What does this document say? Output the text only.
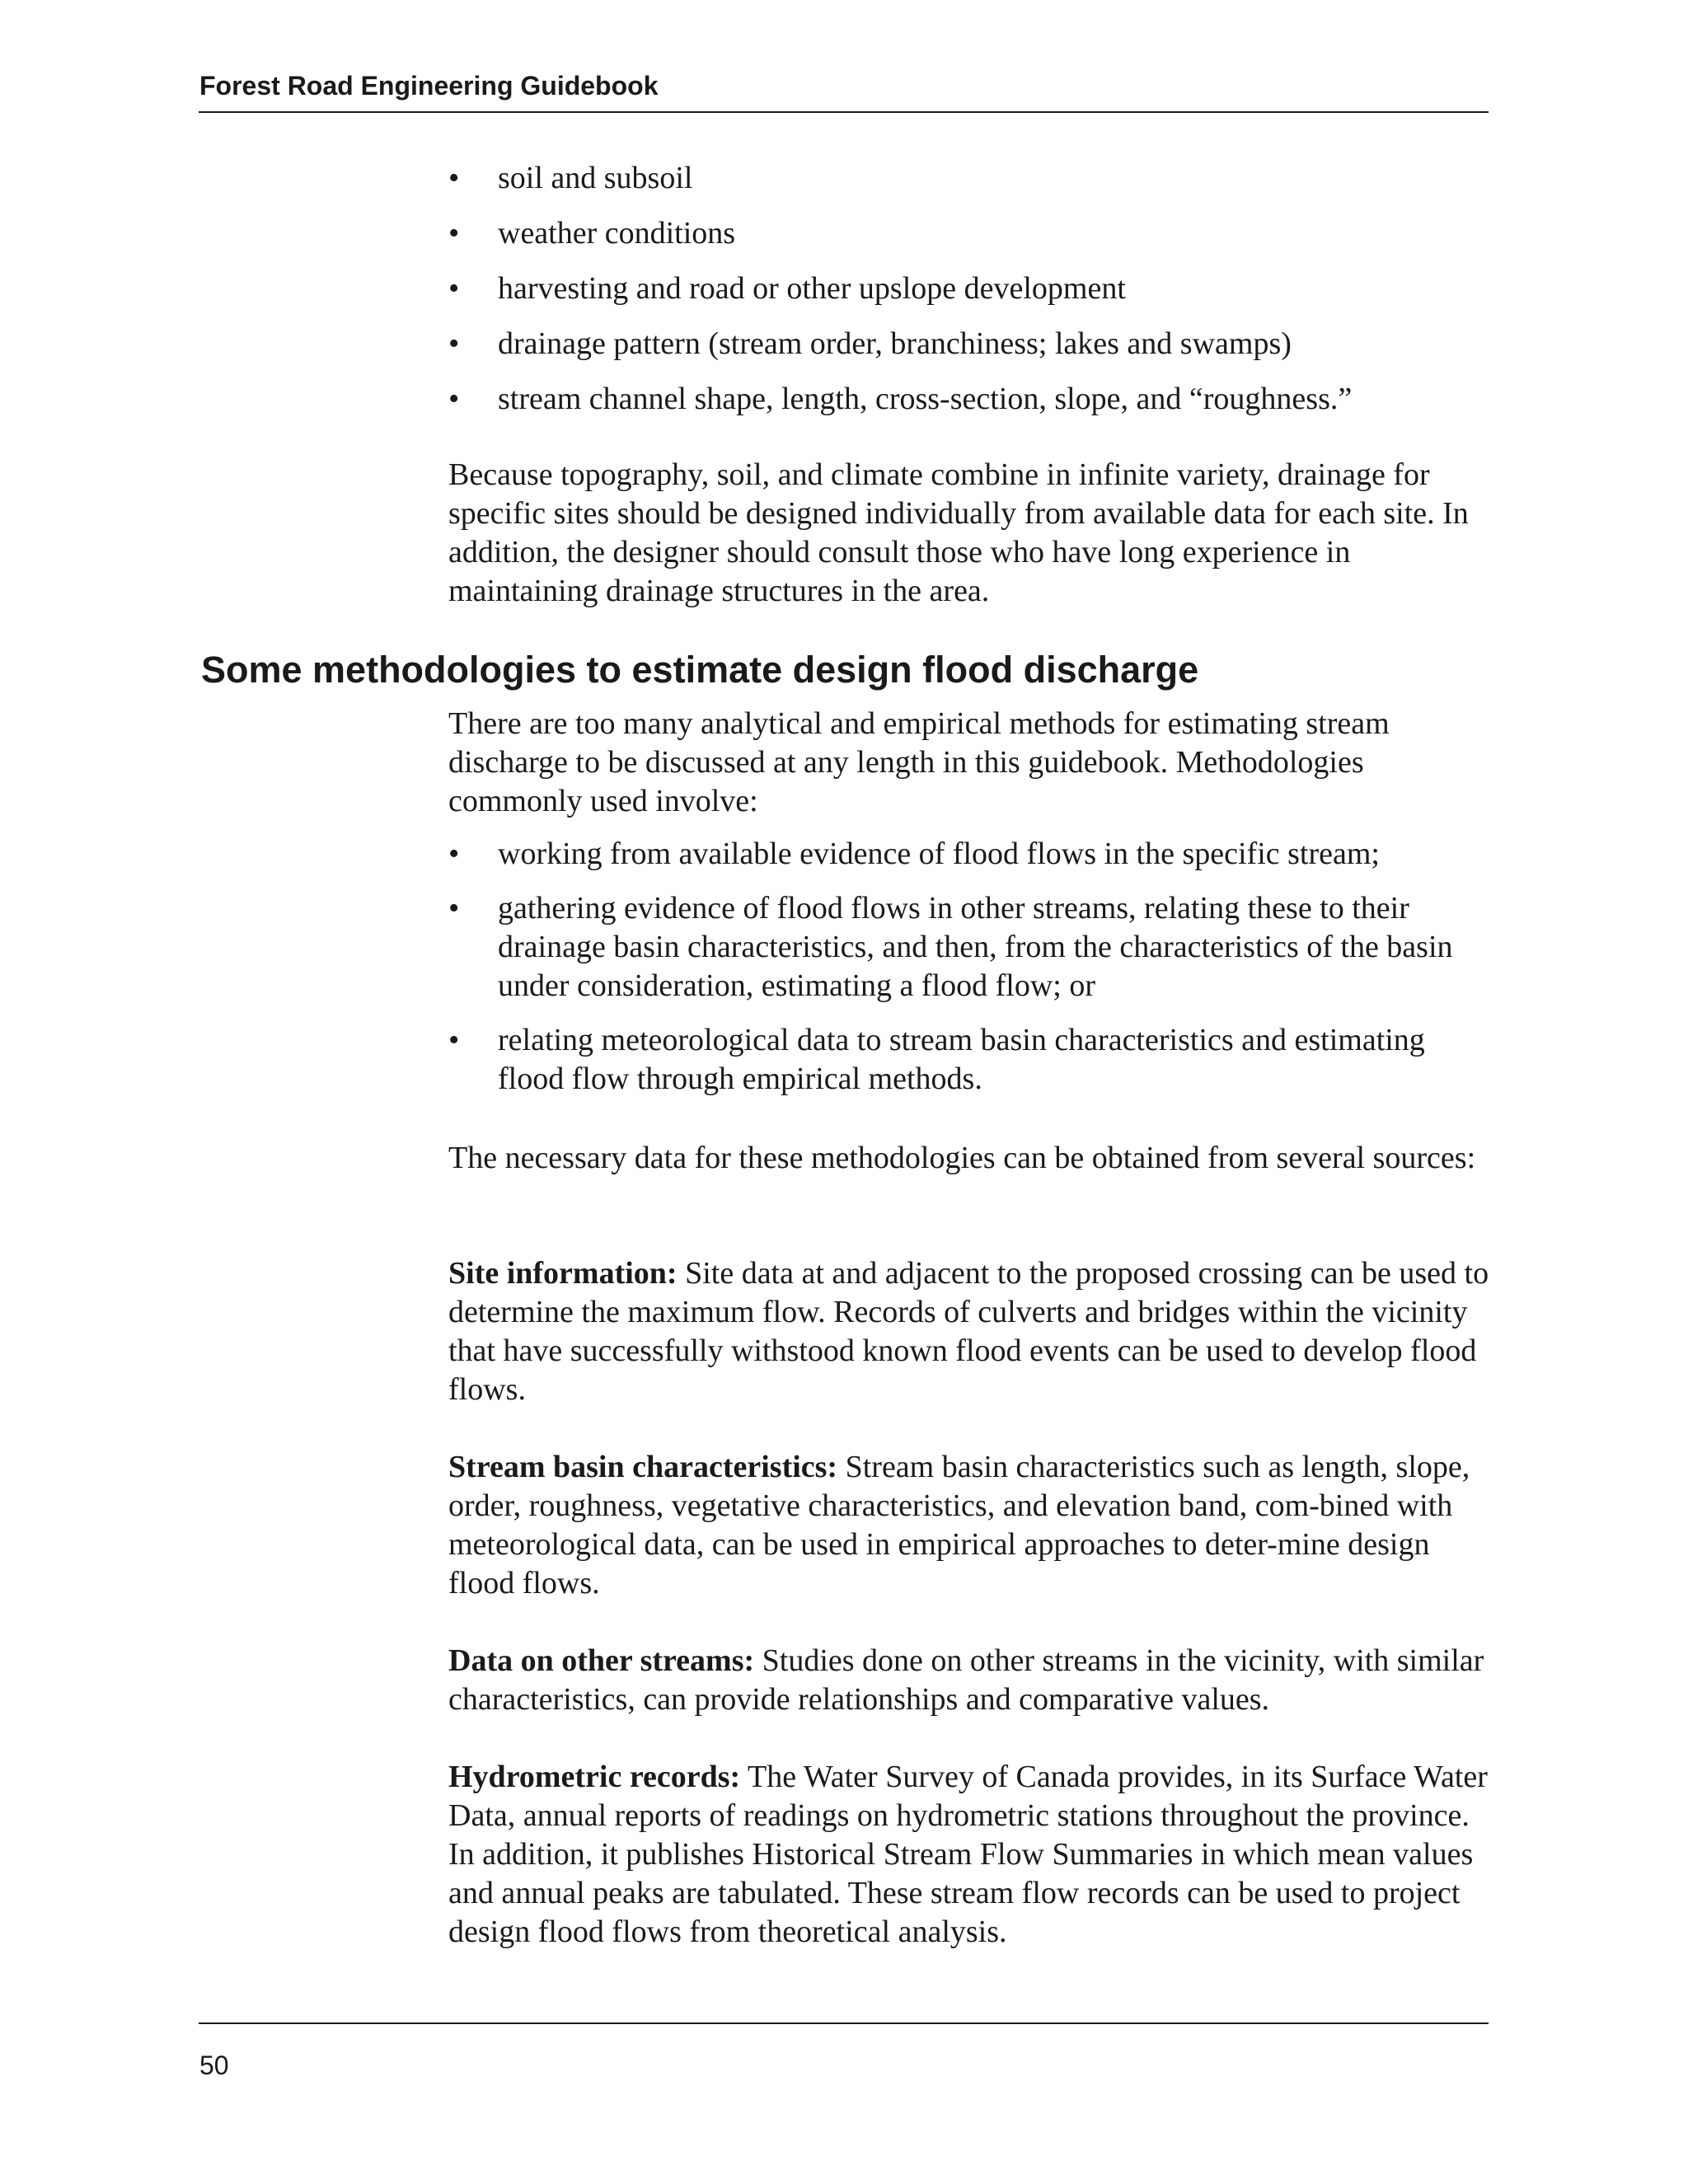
Forest Road Engineering Guidebook
• soil and subsoil
• weather conditions
• harvesting and road or other upslope development
• drainage pattern (stream order, branchiness; lakes and swamps)
• stream channel shape, length, cross-section, slope, and “roughness.”

Because topography, soil, and climate combine in infinite variety, drainage for specific sites should be designed individually from available data for each site. In addition, the designer should consult those who have long experience in maintaining drainage structures in the area.

Some methodologies to estimate design flood discharge

There are too many analytical and empirical methods for estimating stream discharge to be discussed at any length in this guidebook. Methodologies commonly used involve:

• working from available evidence of flood flows in the specific stream;
• gathering evidence of flood flows in other streams, relating these to their drainage basin characteristics, and then, from the characteristics of the basin under consideration, estimating a flood flow; or
• relating meteorological data to stream basin characteristics and estimating flood flow through empirical methods.

The necessary data for these methodologies can be obtained from several sources:

Site information: Site data at and adjacent to the proposed crossing can be used to determine the maximum flow. Records of culverts and bridges within the vicinity that have successfully withstood known flood events can be used to develop flood flows.

Stream basin characteristics: Stream basin characteristics such as length, slope, order, roughness, vegetative characteristics, and elevation band, com-bined with meteorological data, can be used in empirical approaches to deter-mine design flood flows.

Data on other streams: Studies done on other streams in the vicinity, with similar characteristics, can provide relationships and comparative values.

Hydrometric records: The Water Survey of Canada provides, in its Surface Water Data, annual reports of readings on hydrometric stations throughout the province. In addition, it publishes Historical Stream Flow Summaries in which mean values and annual peaks are tabulated. These stream flow records can be used to project design flood flows from theoretical analysis.

50
